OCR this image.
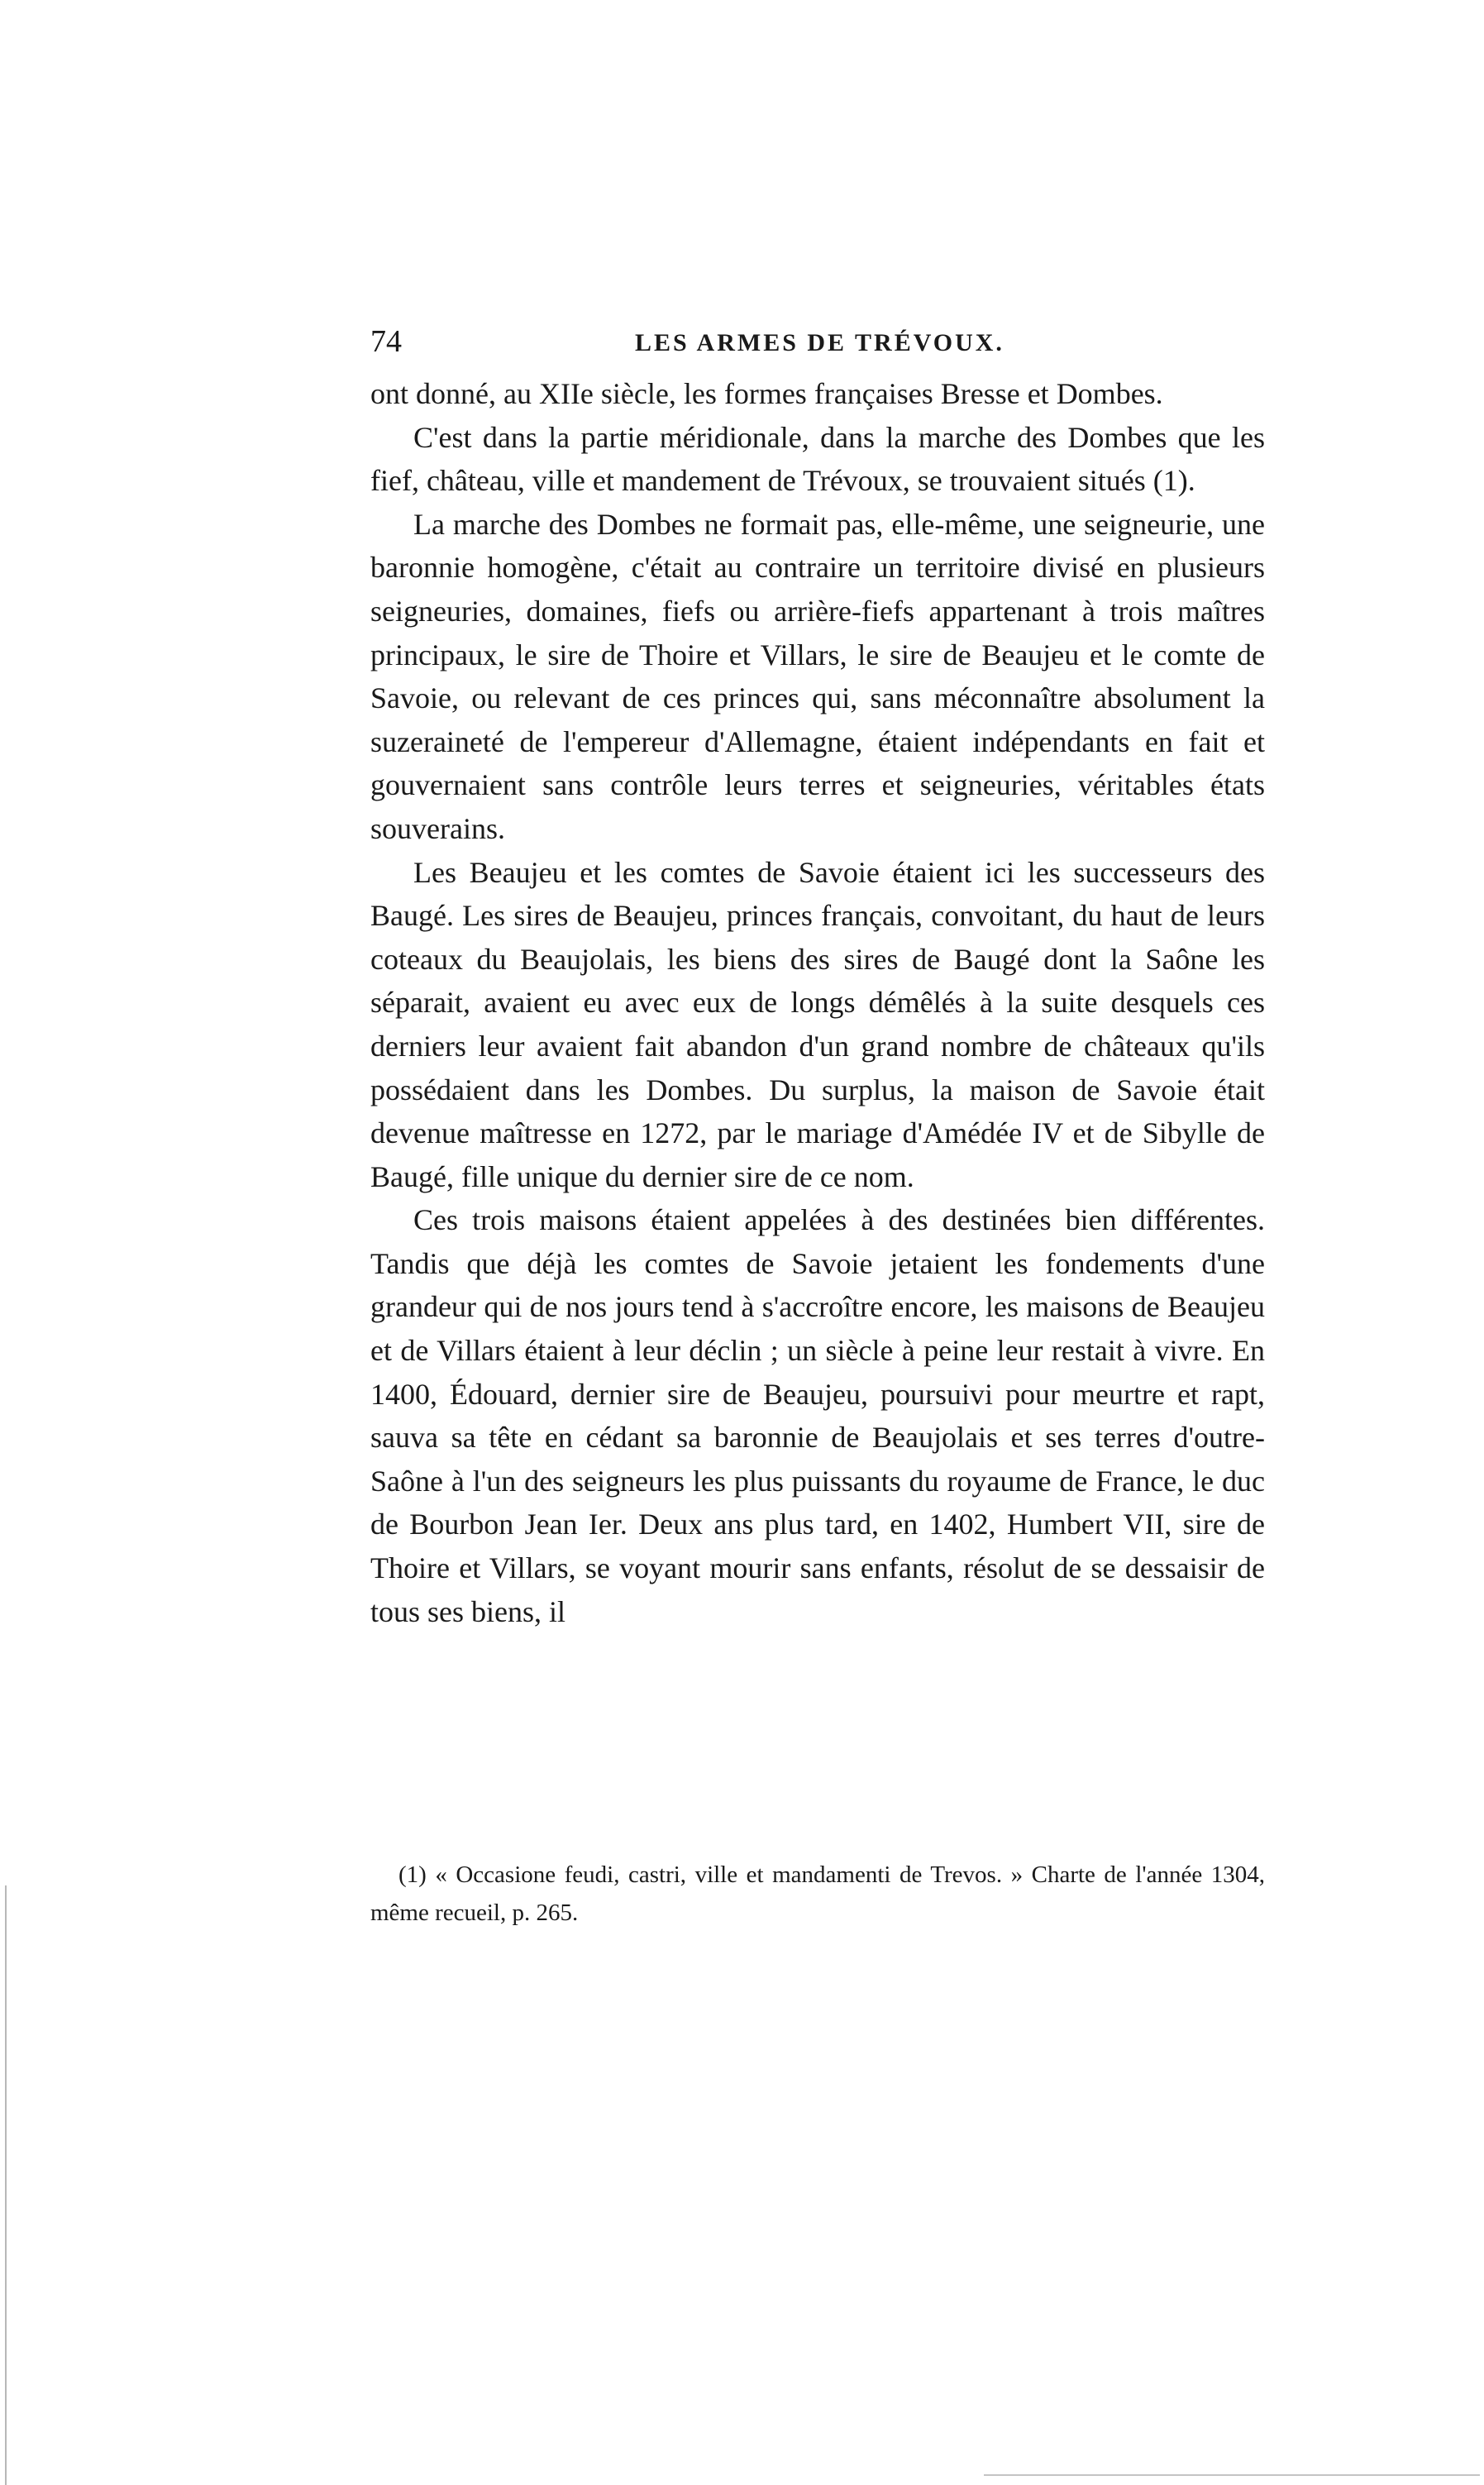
74	LES ARMES DE TRÉVOUX.

ont donné, au XIIe siècle, les formes françaises Bresse et Dombes.

C'est dans la partie méridionale, dans la marche des Dombes que les fief, château, ville et mandement de Trévoux, se trouvaient situés (1).

La marche des Dombes ne formait pas, elle-même, une seigneurie, une baronnie homogène, c'était au contraire un territoire divisé en plusieurs seigneuries, domaines, fiefs ou arrière-fiefs appartenant à trois maîtres principaux, le sire de Thoire et Villars, le sire de Beaujeu et le comte de Savoie, ou relevant de ces princes qui, sans méconnaître absolument la suzeraineté de l'empereur d'Allemagne, étaient indépendants en fait et gouvernaient sans contrôle leurs terres et seigneuries, véritables états souverains.

Les Beaujeu et les comtes de Savoie étaient ici les successeurs des Baugé. Les sires de Beaujeu, princes français, convoitant, du haut de leurs coteaux du Beaujolais, les biens des sires de Baugé dont la Saône les séparait, avaient eu avec eux de longs démêlés à la suite desquels ces derniers leur avaient fait abandon d'un grand nombre de châteaux qu'ils possédaient dans les Dombes. Du surplus, la maison de Savoie était devenue maîtresse en 1272, par le mariage d'Amédée IV et de Sibylle de Baugé, fille unique du dernier sire de ce nom.

Ces trois maisons étaient appelées à des destinées bien différentes. Tandis que déjà les comtes de Savoie jetaient les fondements d'une grandeur qui de nos jours tend à s'accroître encore, les maisons de Beaujeu et de Villars étaient à leur déclin ; un siècle à peine leur restait à vivre. En 1400, Édouard, dernier sire de Beaujeu, poursuivi pour meurtre et rapt, sauva sa tête en cédant sa baronnie de Beaujolais et ses terres d'outre-Saône à l'un des seigneurs les plus puissants du royaume de France, le duc de Bourbon Jean Ier. Deux ans plus tard, en 1402, Humbert VII, sire de Thoire et Villars, se voyant mourir sans enfants, résolut de se dessaisir de tous ses biens, il

(1) « Occasione feudi, castri, ville et mandamenti de Trevos. » Charte de l'année 1304, même recueil, p. 265.
